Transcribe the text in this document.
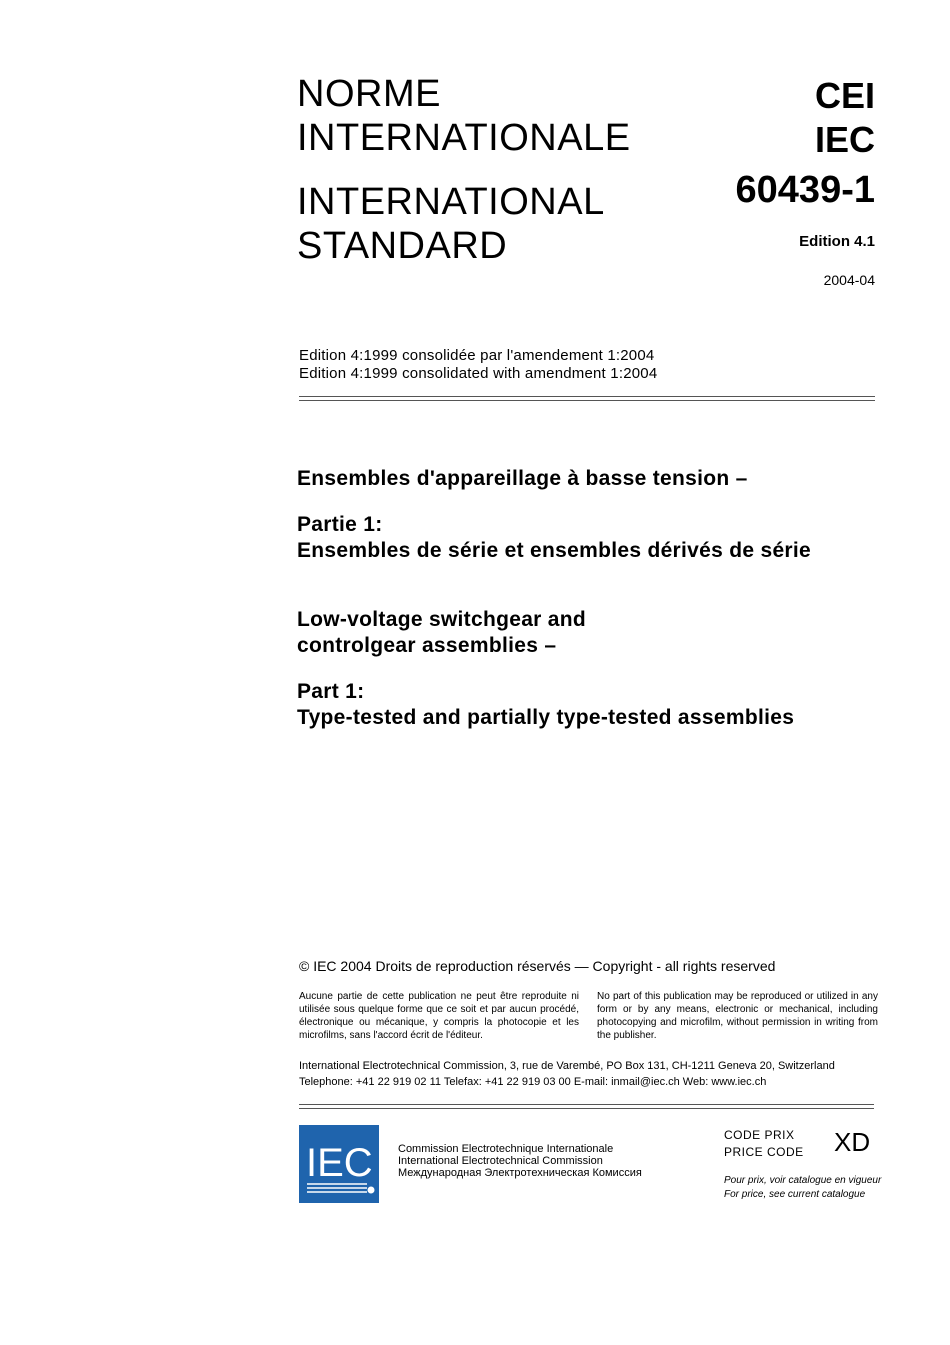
NORME

INTERNATIONALE

INTERNATIONAL

STANDARD

CEI

IEC

60439-1

Edition 4.1
2004-04
Edition 4:1999 consolidée par l'amendement 1:2004
Edition 4:1999 consolidated with amendment 1:2004
Ensembles d'appareillage à basse tension –
Partie 1:
Ensembles de série et ensembles dérivés de série
Low-voltage switchgear and
controlgear assemblies –
Part 1:
Type-tested and partially type-tested assemblies
© IEC 2004 Droits de reproduction réservés — Copyright - all rights reserved
Aucune partie de cette publication ne peut être reproduite ni utilisée sous quelque forme que ce soit et par aucun procédé, électronique ou mécanique, y compris la photocopie et les microfilms, sans l'accord écrit de l'éditeur.
No part of this publication may be reproduced or utilized in any form or by any means, electronic or mechanical, including photocopying and microfilm, without permission in writing from the publisher.
International Electrotechnical Commission, 3, rue de Varembé, PO Box 131, CH-1211 Geneva 20, Switzerland
Telephone: +41 22 919 02 11 Telefax: +41 22 919 03 00 E-mail: inmail@iec.ch Web: www.iec.ch
IEC Commission Electrotechnique Internationale
International Electrotechnical Commission
Международная Электротехническая Комиссия
CODE PRIX
PRICE CODE XD
Pour prix, voir catalogue en vigueur
For price, see current catalogue
